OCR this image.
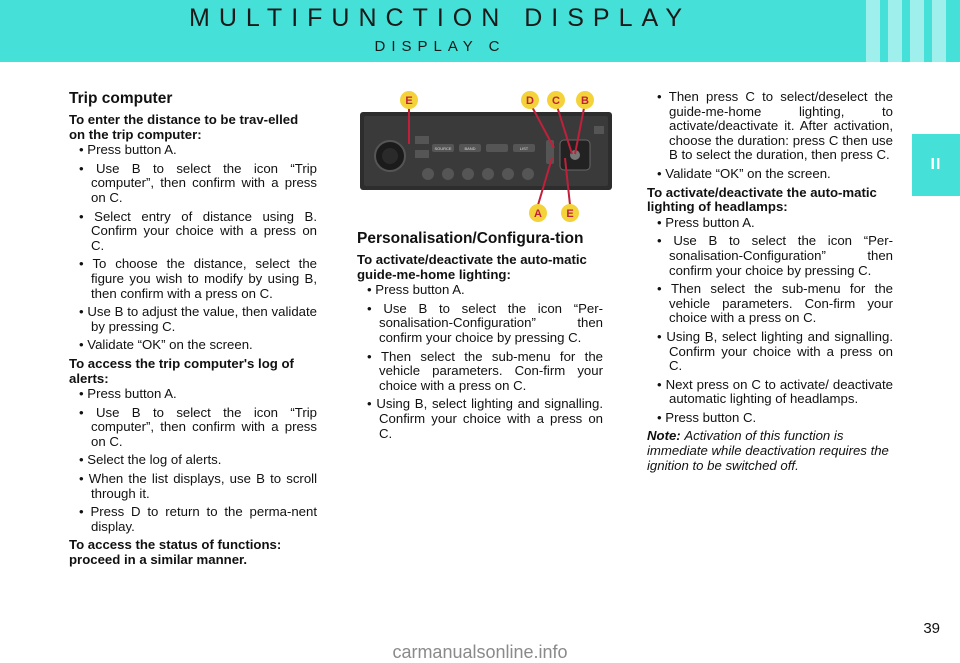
MULTIFUNCTION DISPLAY
DISPLAY C
II
Trip computer
To enter the distance to be trav-elled on the trip computer:
• Press button A.
• Use B to select the icon “Trip computer”, then confirm with a press on C.
• Select entry of distance using B. Confirm your choice with a press on C.
• To choose the distance, select the figure you wish to modify by using B, then confirm with a press on C.
• Use B to adjust the value, then validate by pressing C.
• Validate “OK” on the screen.
To access the trip computer's log of alerts:
• Press button A.
• Use B to select the icon “Trip computer”, then confirm with a press on C.
• Select the log of alerts.
• When the list displays, use B to scroll through it.
• Press D to return to the perma-nent display.
To access the status of functions: proceed in a similar manner.
SOURCE	BAND	LIST
E	D C B
A E
Personalisation/Configura-tion
To activate/deactivate the auto-matic guide-me-home lighting:
• Press button A.
• Use B to select the icon “Per-sonalisation-Configuration” then confirm your choice by pressing C.
• Then select the sub-menu for the vehicle parameters. Con-firm your choice with a press on C.
• Using B, select lighting and signalling. Confirm your choice with a press on C.
• Then press C to select/deselect the guide-me-home lighting, to activate/deactivate it. After activation, choose the duration: press C then use B to select the duration, then press C.
• Validate “OK” on the screen.
To activate/deactivate the auto-matic lighting of headlamps:
• Press button A.
• Use B to select the icon “Per-sonalisation-Configuration” then confirm your choice by pressing C.
• Then select the sub-menu for the vehicle parameters. Con-firm your choice with a press on C.
• Using B, select lighting and signalling. Confirm your choice with a press on C.
• Next press on C to activate/ deactivate automatic lighting of headlamps.
• Press button C.

Note: Activation of this function is immediate while deactivation requires the ignition to be switched off.

39
carmanualsonline.info
